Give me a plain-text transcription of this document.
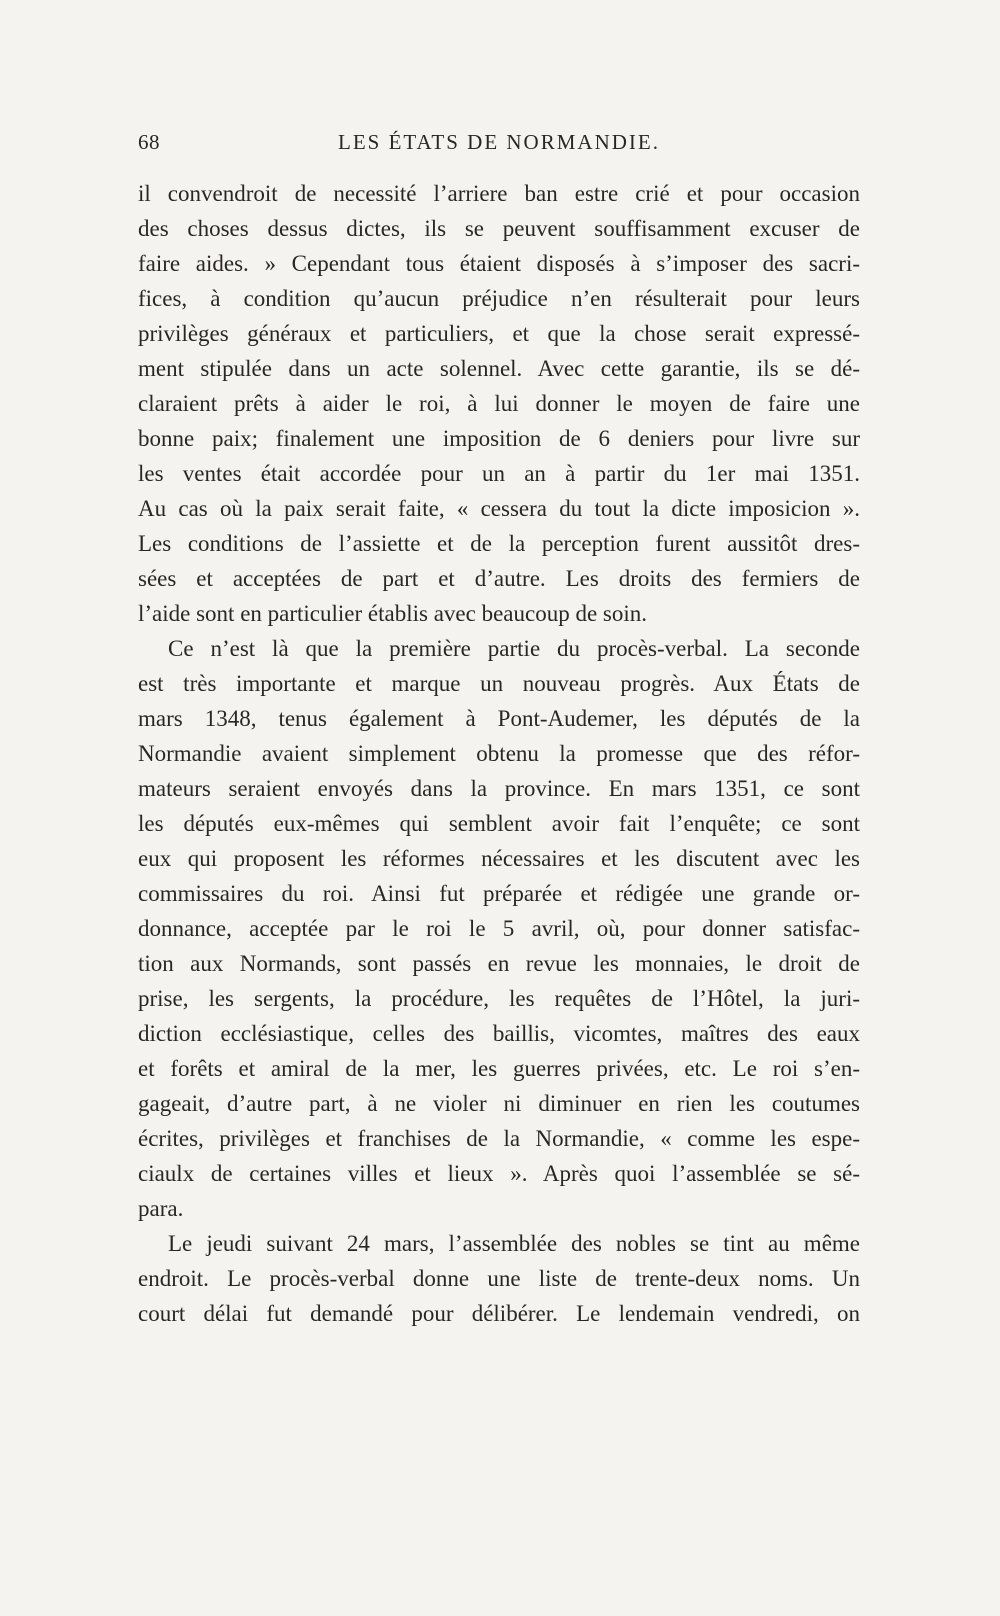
68	LES ÉTATS DE NORMANDIE.
il convendroit de necessité l’arriere ban estre crié et pour occasion
des choses dessus dictes, ils se peuvent souffisamment excuser de
faire aides. » Cependant tous étaient disposés à s’imposer des sacri-
fices, à condition qu’aucun préjudice n’en résulterait pour leurs
privilèges généraux et particuliers, et que la chose serait expressé-
ment stipulée dans un acte solennel. Avec cette garantie, ils se dé-
claraient prêts à aider le roi, à lui donner le moyen de faire une
bonne paix; finalement une imposition de 6 deniers pour livre sur
les ventes était accordée pour un an à partir du 1er mai 1351.
Au cas où la paix serait faite, « cessera du tout la dicte imposicion ».
Les conditions de l’assiette et de la perception furent aussitôt dres-
sées et acceptées de part et d’autre. Les droits des fermiers de
l’aide sont en particulier établis avec beaucoup de soin.
Ce n’est là que la première partie du procès-verbal. La seconde
est très importante et marque un nouveau progrès. Aux États de
mars 1348, tenus également à Pont-Audemer, les députés de la
Normandie avaient simplement obtenu la promesse que des réfor-
mateurs seraient envoyés dans la province. En mars 1351, ce sont
les députés eux-mêmes qui semblent avoir fait l’enquête; ce sont
eux qui proposent les réformes nécessaires et les discutent avec les
commissaires du roi. Ainsi fut préparée et rédigée une grande or-
donnance, acceptée par le roi le 5 avril, où, pour donner satisfac-
tion aux Normands, sont passés en revue les monnaies, le droit de
prise, les sergents, la procédure, les requêtes de l’Hôtel, la juri-
diction ecclésiastique, celles des baillis, vicomtes, maîtres des eaux
et forêts et amiral de la mer, les guerres privées, etc. Le roi s’en-
gageait, d’autre part, à ne violer ni diminuer en rien les coutumes
écrites, privilèges et franchises de la Normandie, « comme les espe-
ciaulx de certaines villes et lieux ». Après quoi l’assemblée se sé-
para.
Le jeudi suivant 24 mars, l’assemblée des nobles se tint au même
endroit. Le procès-verbal donne une liste de trente-deux noms. Un
court délai fut demandé pour délibérer. Le lendemain vendredi, on
